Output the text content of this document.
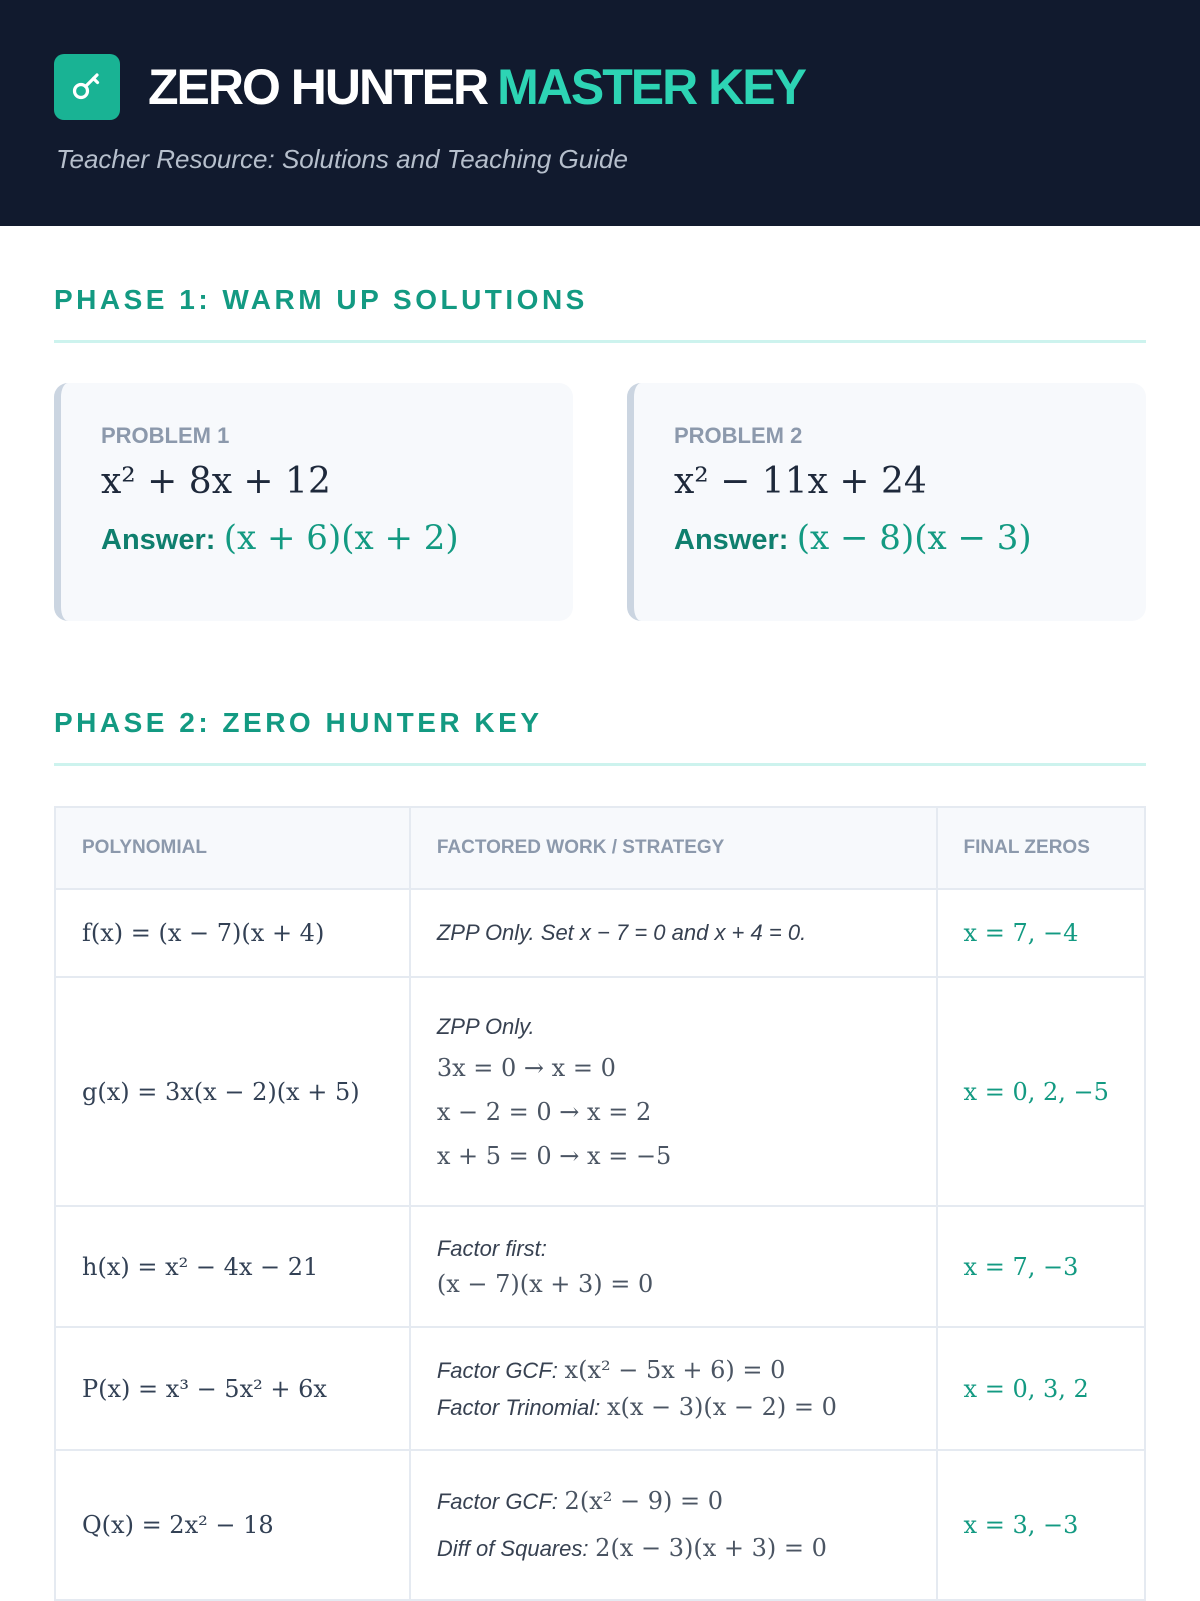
ZERO HUNTER MASTER KEY
Teacher Resource: Solutions and Teaching Guide
PHASE 1: WARM UP SOLUTIONS
PROBLEM 1
x² + 8x + 12
Answer: (x + 6)(x + 2)
PROBLEM 2
x² − 11x + 24
Answer: (x − 8)(x − 3)
PHASE 2: ZERO HUNTER KEY
POLYNOMIAL	FACTORED WORK / STRATEGY	FINAL ZEROS
f(x) = (x − 7)(x + 4)	ZPP Only. Set x − 7 = 0 and x + 4 = 0.	x = 7, −4
g(x) = 3x(x − 2)(x + 5)	ZPP Only.
3x = 0 → x = 0
x − 2 = 0 → x = 2
x + 5 = 0 → x = −5	x = 0, 2, −5
h(x) = x² − 4x − 21	Factor first:
(x − 7)(x + 3) = 0	x = 7, −3
P(x) = x³ − 5x² + 6x	Factor GCF: x(x² − 5x + 6) = 0
Factor Trinomial: x(x − 3)(x − 2) = 0	x = 0, 3, 2
Q(x) = 2x² − 18	Factor GCF: 2(x² − 9) = 0
Diff of Squares: 2(x − 3)(x + 3) = 0	x = 3, −3
